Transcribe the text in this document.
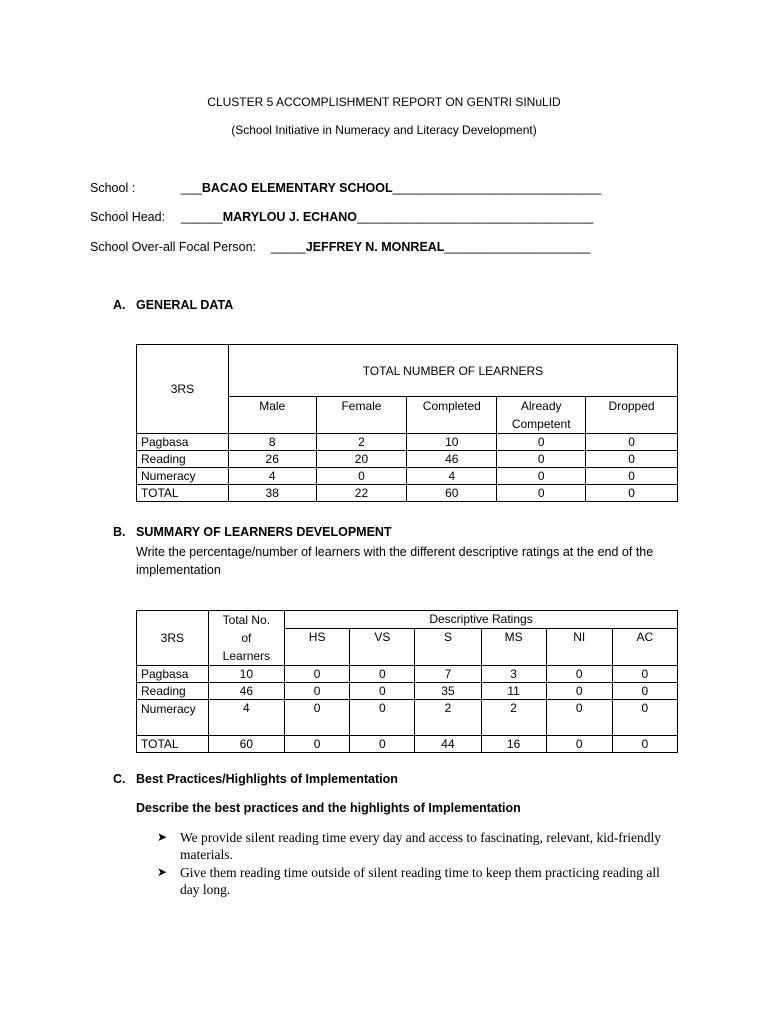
CLUSTER 5 ACCOMPLISHMENT REPORT ON GENTRI SINuLID
(School Initiative in Numeracy and Literacy Development)
School :	___BACAO ELEMENTARY SCHOOL______________________________
School Head: ______MARYLOU J. ECHANO__________________________________
School Over-all Focal Person: _____JEFFREY N. MONREAL_____________________
A. GENERAL DATA
3RS	TOTAL NUMBER OF LEARNERS				
	Male	Female	Completed	Already Competent	Dropped
Pagbasa	8	2	10	0	0
Reading	26	20	46	0	0
Numeracy	4	0	4	0	0
TOTAL	38	22	60	0	0
B. SUMMARY OF LEARNERS DEVELOPMENT
Write the percentage/number of learners with the different descriptive ratings at the end of the implementation
3RS	Total No. of Learners	Descriptive Ratings					
		HS	VS	S	MS	NI	AC
Pagbasa	10	0	0	7	3	0	0
Reading	46	0	0	35	11	0	0
Numeracy	4	0	0	2	2	0	0
TOTAL	60	0	0	44	16	0	0
C. Best Practices/Highlights of Implementation
Describe the best practices and the highlights of Implementation
➤ We provide silent reading time every day and access to fascinating, relevant, kid-friendly materials.
➤ Give them reading time outside of silent reading time to keep them practicing reading all day long.
